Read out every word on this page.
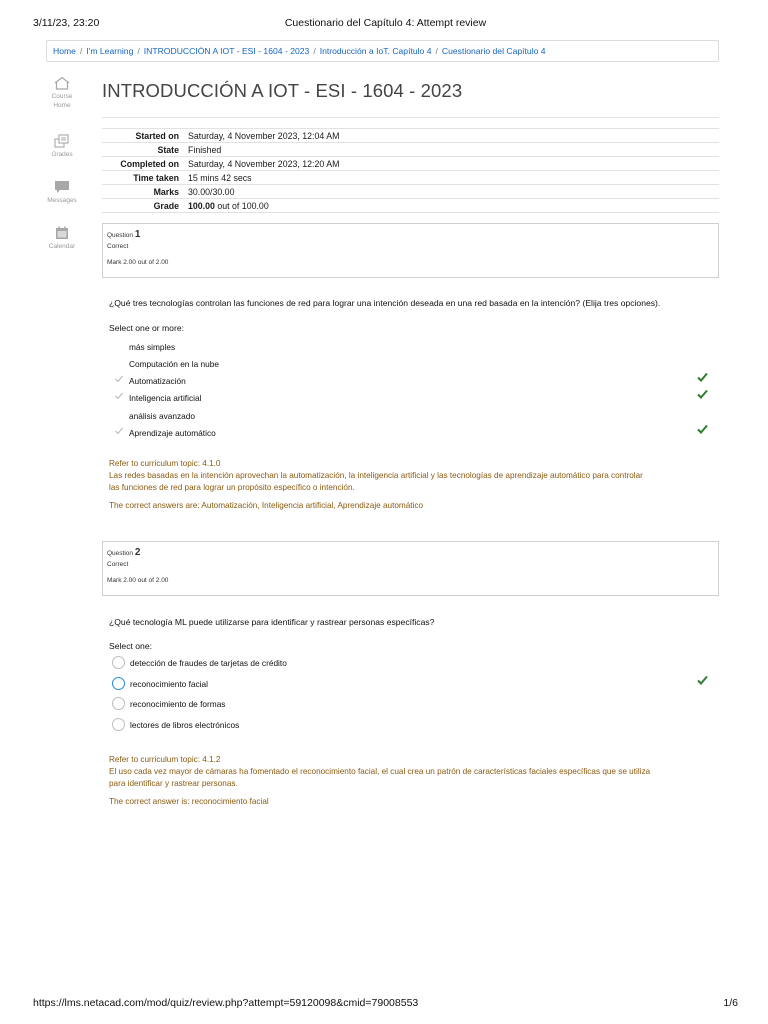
3/11/23, 23:20	Cuestionario del Capítulo 4: Attempt review
Home / I'm Learning / INTRODUCCIÓN A IOT - ESI - 1604 - 2023 / Introducción a IoT. Capítulo 4 / Cuestionario del Capítulo 4
Course
Home
Grades
Messages
Calendar
INTRODUCCIÓN A IOT - ESI - 1604 - 2023
Started on	Saturday, 4 November 2023, 12:04 AM
State	Finished
Completed on	Saturday, 4 November 2023, 12:20 AM
Time taken	15 mins 42 secs
Marks	30.00/30.00
Grade	100.00 out of 100.00
Question 1
Correct
Mark 2.00 out of 2.00
¿Qué tres tecnologías controlan las funciones de red para lograr una intención deseada en una red basada en la intención? (Elija tres opciones).
Select one or more:
más simples
Computación en la nube
Automatización
Inteligencia artificial
análisis avanzado
Aprendizaje automático
Refer to curriculum topic: 4.1.0
Las redes basadas en la intención aprovechan la automatización, la inteligencia artificial y las tecnologías de aprendizaje automático para controlar
las funciones de red para lograr un propósito específico o intención.
The correct answers are: Automatización, Inteligencia artificial, Aprendizaje automático
Question 2
Correct
Mark 2.00 out of 2.00
¿Qué tecnología ML puede utilizarse para identificar y rastrear personas específicas?
Select one:
detección de fraudes de tarjetas de crédito
reconocimiento facial
reconocimiento de formas
lectores de libros electrónicos
Refer to curriculum topic: 4.1.2
El uso cada vez mayor de cámaras ha fomentado el reconocimiento facial, el cual crea un patrón de características faciales específicas que se utiliza
para identificar y rastrear personas.
The correct answer is: reconocimiento facial
https://lms.netacad.com/mod/quiz/review.php?attempt=59120098&cmid=79008553	1/6
